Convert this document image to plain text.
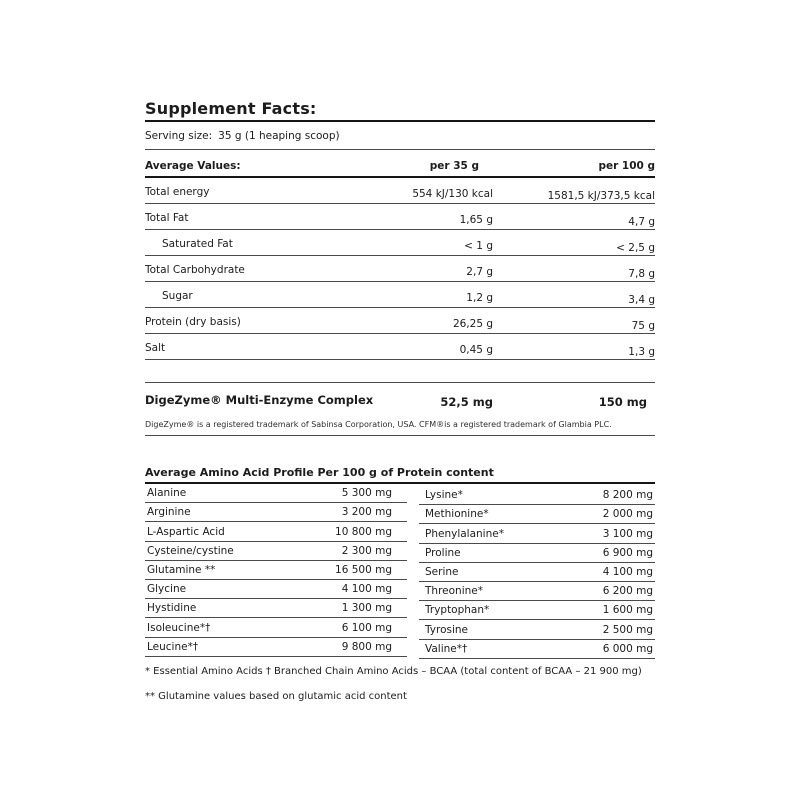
Supplement Facts:
Serving size: 35 g (1 heaping scoop)
Average Values:	per 35 g	per 100 g
Total energy	554 kJ/130 kcal	1581,5 kJ/373,5 kcal
Total Fat	1,65 g	4,7 g
Saturated Fat	< 1 g	< 2,5 g
Total Carbohydrate	2,7 g	7,8 g
Sugar	1,2 g	3,4 g
Protein (dry basis)	26,25 g	75 g
Salt	0,45 g	1,3 g
DigeZyme® Multi-Enzyme Complex	52,5 mg	150 mg
DigeZyme® is a registered trademark of Sabinsa Corporation, USA. CFM®is a registered trademark of Glambia PLC.
Average Amino Acid Profile Per 100 g of Protein content
Alanine	5 300 mg	Lysine*	8 200 mg
Arginine	3 200 mg	Methionine*	2 000 mg
L-Aspartic Acid	10 800 mg	Phenylalanine*	3 100 mg
Cysteine/cystine	2 300 mg	Proline	6 900 mg
Glutamine **	16 500 mg	Serine	4 100 mg
Glycine	4 100 mg	Threonine*	6 200 mg
Hystidine	1 300 mg	Tryptophan*	1 600 mg
Isoleucine*†	6 100 mg	Tyrosine	2 500 mg
Leucine*†	9 800 mg	Valine*†	6 000 mg
* Essential Amino Acids † Branched Chain Amino Acids – BCAA (total content of BCAA – 21 900 mg)
** Glutamine values based on glutamic acid content
